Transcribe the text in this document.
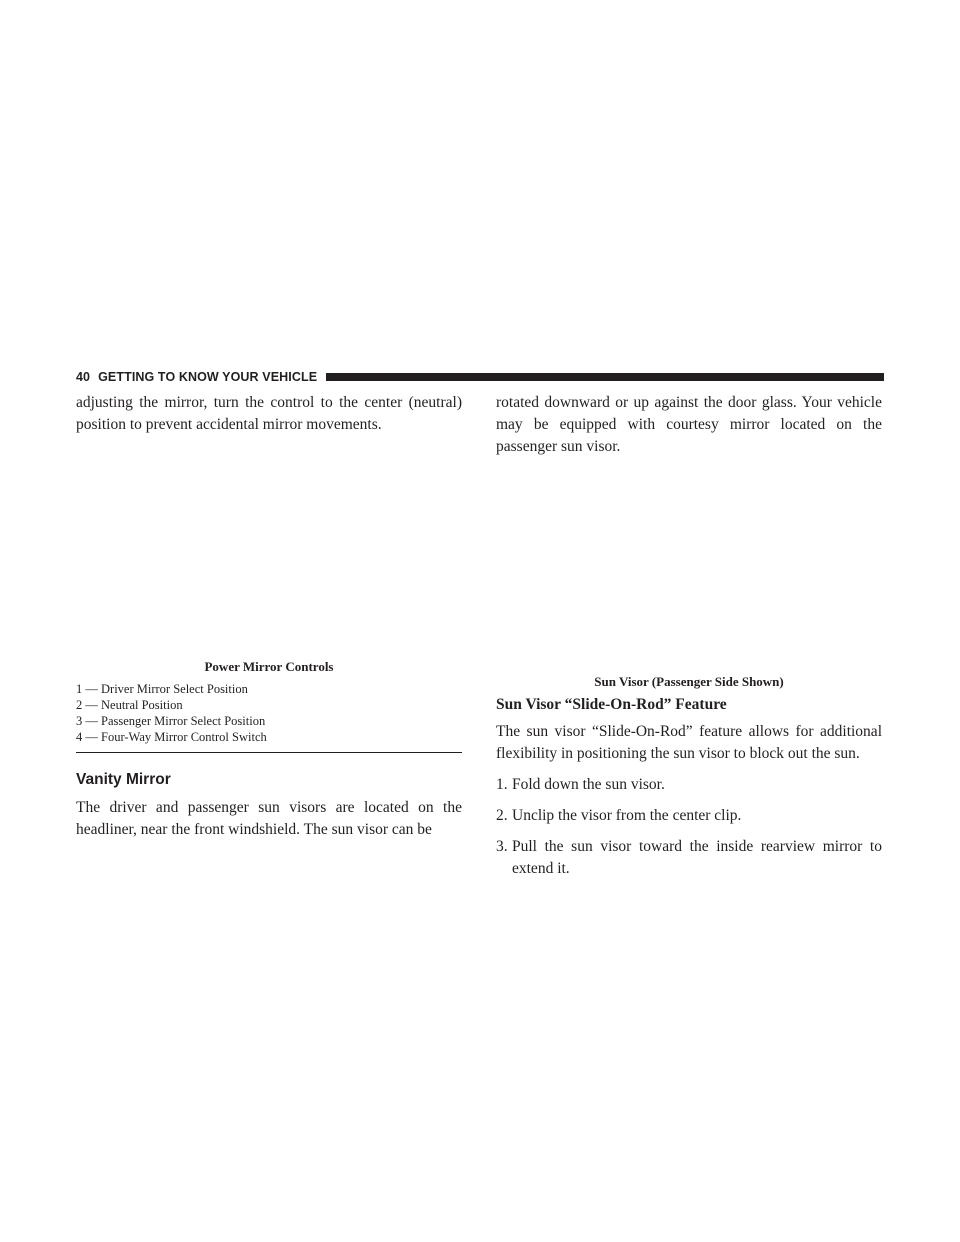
40 GETTING TO KNOW YOUR VEHICLE

adjusting the mirror, turn the control to the center (neutral) position to prevent accidental mirror movements.

Power Mirror Controls

1 — Driver Mirror Select Position
2 — Neutral Position
3 — Passenger Mirror Select Position
4 — Four-Way Mirror Control Switch
Vanity Mirror

The driver and passenger sun visors are located on the headliner, near the front windshield. The sun visor can be

rotated downward or up against the door glass. Your vehicle may be equipped with courtesy mirror located on the passenger sun visor.

Sun Visor (Passenger Side Shown)

Sun Visor “Slide-On-Rod” Feature

The sun visor “Slide-On-Rod” feature allows for additional flexibility in positioning the sun visor to block out the sun.

1. Fold down the sun visor.
2. Unclip the visor from the center clip.
3. Pull the sun visor toward the inside rearview mirror to extend it.
